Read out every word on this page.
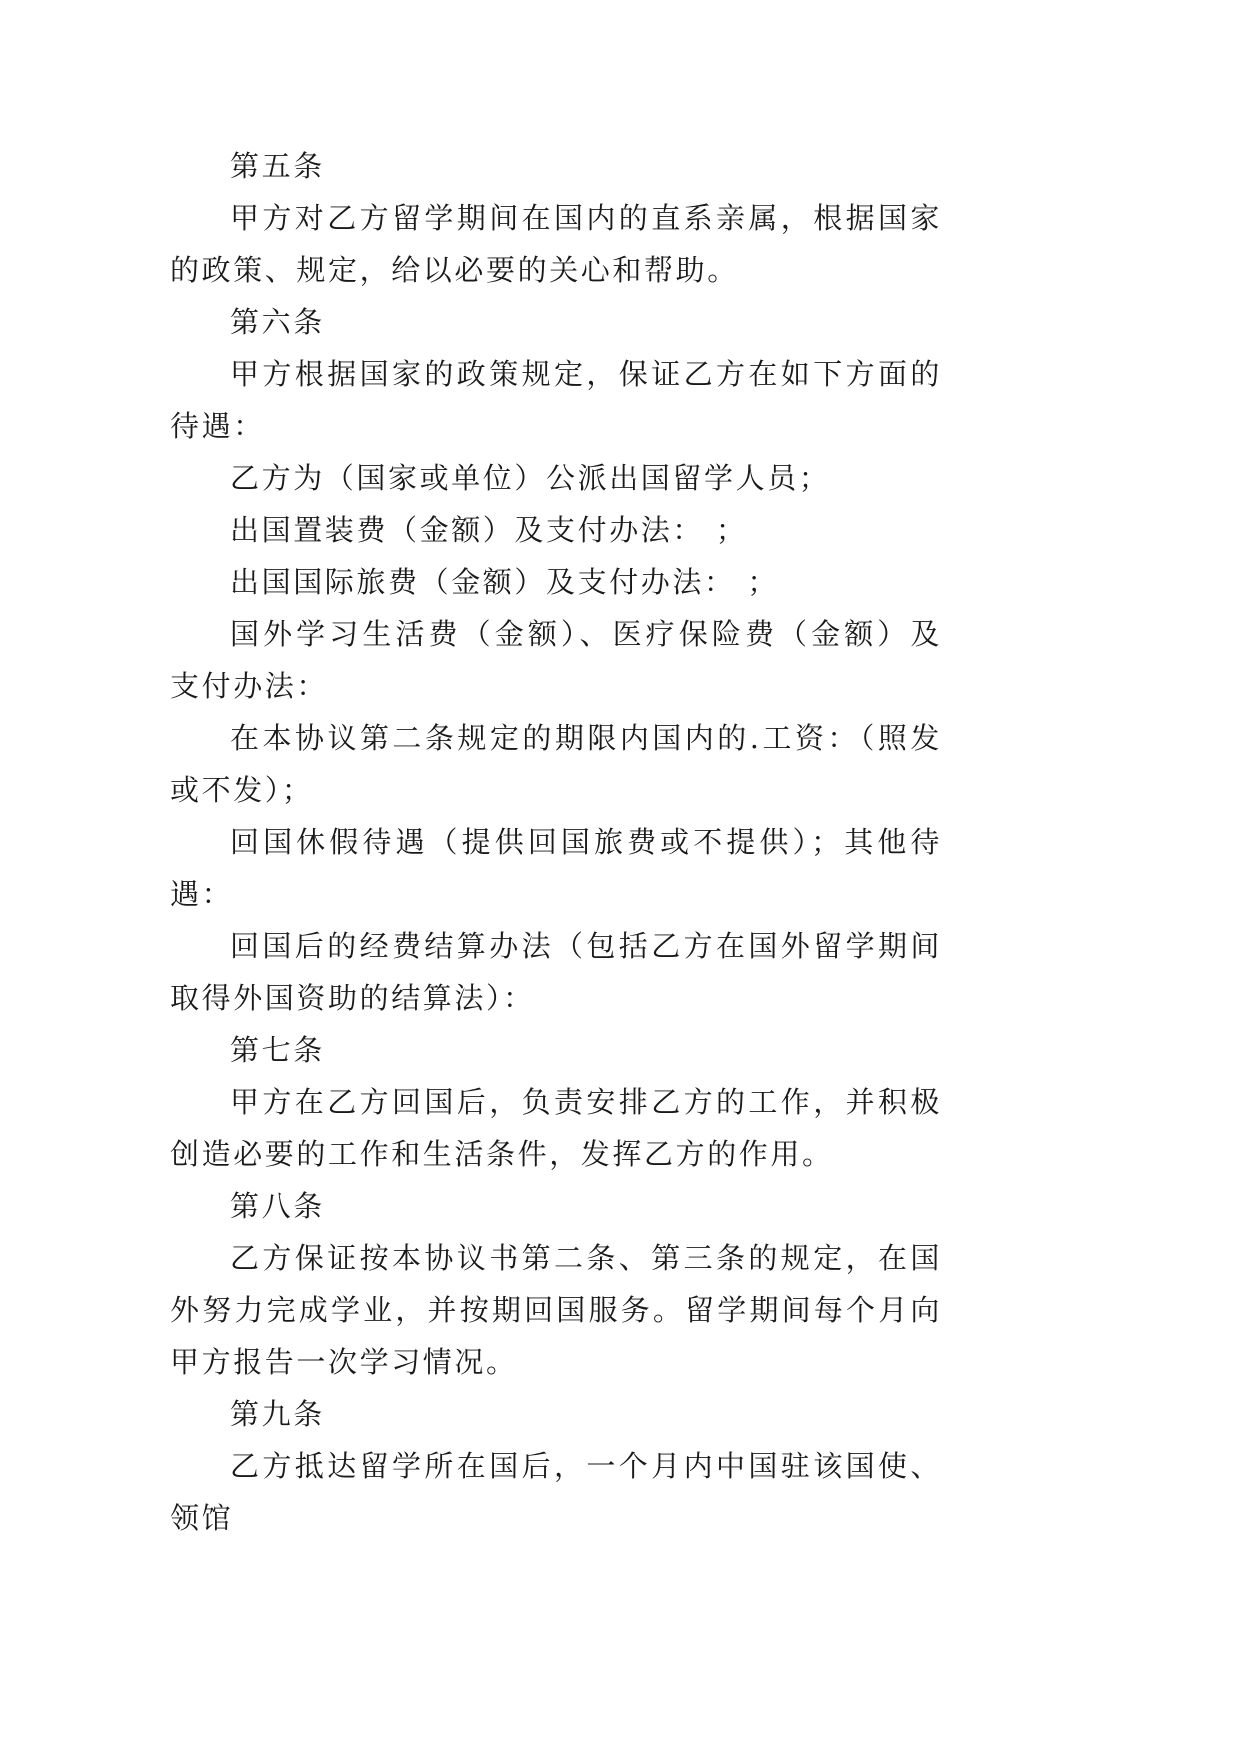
第五条

甲方对乙方留学期间在国内的直系亲属，根据国家的政策、规定，给以必要的关心和帮助。

第六条

甲方根据国家的政策规定，保证乙方在如下方面的待遇：

乙方为（国家或单位）公派出国留学人员；

出国置装费（金额）及支付办法： ；

出国国际旅费（金额）及支付办法： ；

国外学习生活费（金额）、医疗保险费（金额）及支付办法：

在本协议第二条规定的期限内国内的.工资：（照发或不发）；

回国休假待遇（提供回国旅费或不提供）；其他待遇：

回国后的经费结算办法（包括乙方在国外留学期间取得外国资助的结算法）：

第七条

甲方在乙方回国后，负责安排乙方的工作，并积极创造必要的工作和生活条件，发挥乙方的作用。

第八条

乙方保证按本协议书第二条、第三条的规定，在国外努力完成学业，并按期回国服务。留学期间每个月向甲方报告一次学习情况。

第九条

乙方抵达留学所在国后，一个月内中国驻该国使、领馆
